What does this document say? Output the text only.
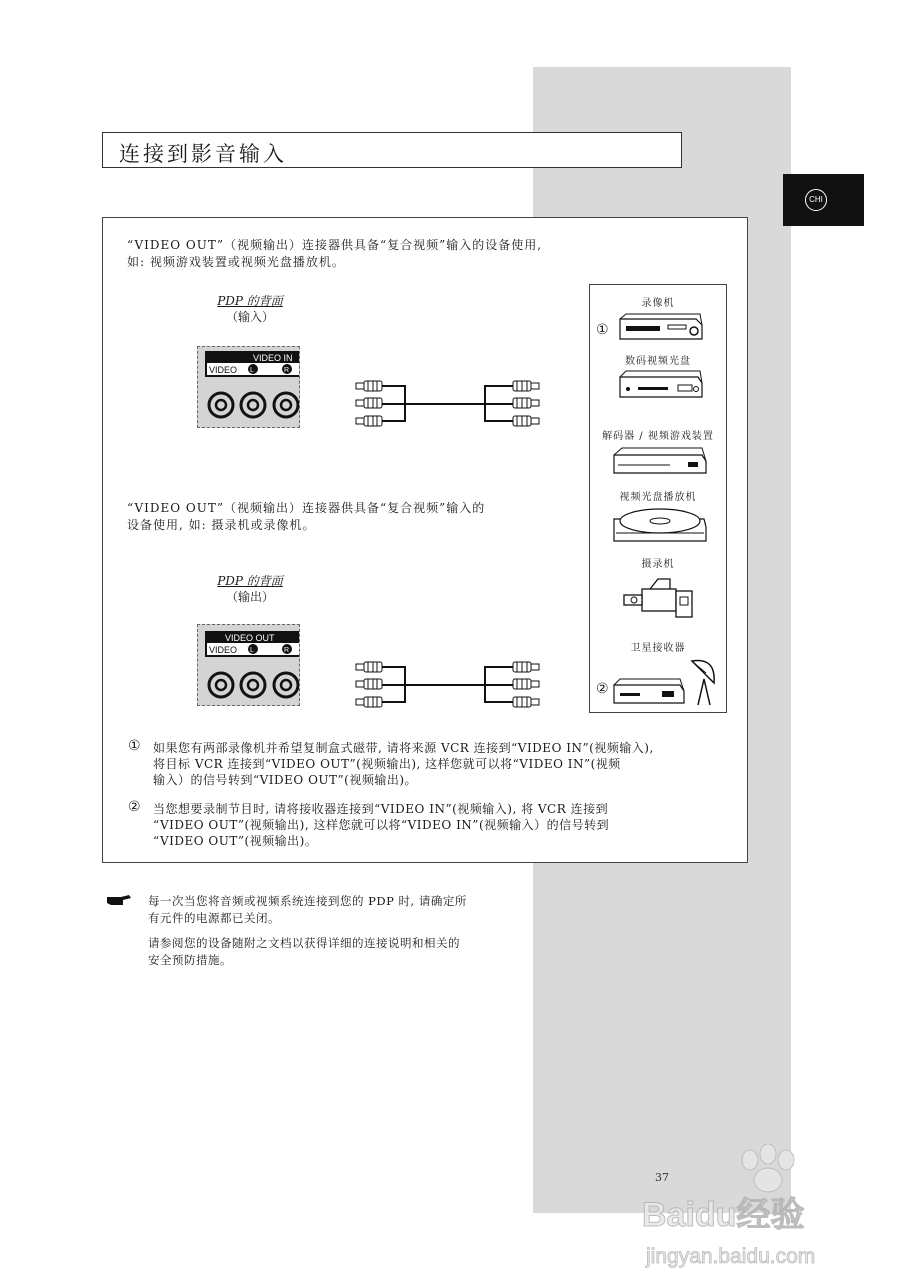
连接到影音输入
CHI
“VIDEO OUT”（视频输出）连接器供具备“复合视频”输入的设备使用,
如: 视频游戏装置或视频光盘播放机。
PDP 的背面
（输入）
VIDEO IN
VIDEO L	R
“VIDEO OUT”（视频输出）连接器供具备“复合视频”输入的
设备使用, 如: 摄录机或录像机。
PDP 的背面
（输出）
VIDEO OUT
VIDEO L	R
录像机
①
数码视频光盘
解码器 / 视频游戏装置
视频光盘播放机
摄录机
卫星接收器
②
① 如果您有两部录像机并希望复制盒式磁带, 请将来源 VCR 连接到“VIDEO IN”(视频输入),
将目标 VCR 连接到“VIDEO OUT”(视频输出), 这样您就可以将“VIDEO IN”(视频
输入）的信号转到“VIDEO OUT”(视频输出)。
② 当您想要录制节目时, 请将接收器连接到“VIDEO IN”(视频输入), 将 VCR 连接到
“VIDEO OUT”(视频输出), 这样您就可以将“VIDEO IN”(视频输入）的信号转到
“VIDEO OUT”(视频输出)。
每一次当您将音频或视频系统连接到您的 PDP 时, 请确定所
有元件的电源都已关闭。
请参阅您的设备随附之文档以获得详细的连接说明和相关的
安全预防措施。
37
Baidu经验
jingyan.baidu.com
